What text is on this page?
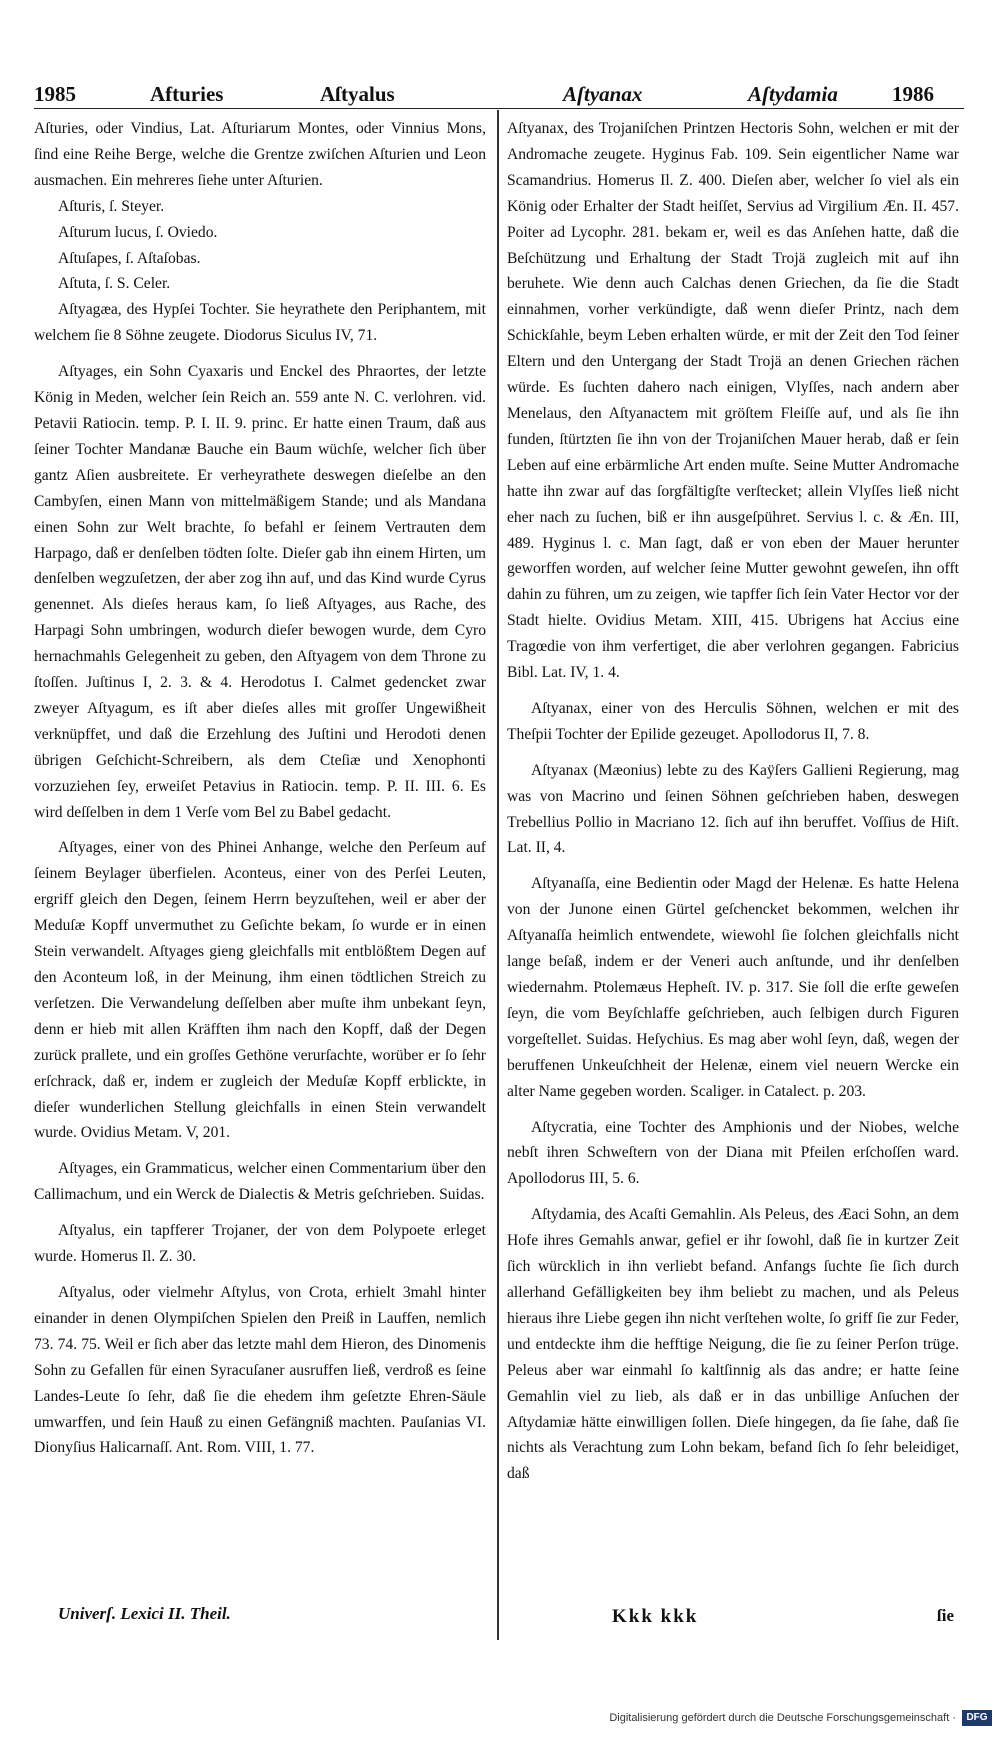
1985	Afturies	Aſtyalus	Aſtyanax	Aſtydamia	1986

Aſturies, oder Vindius, Lat. Aſturiarum Montes, oder Vinnius Mons, ſind eine Reihe Berge, welche die Grentze zwiſchen Aſturien und Leon ausmachen. Ein mehreres ſiehe unter Aſturien.

Aſturis, ſ. Steyer.

Aſturum lucus, ſ. Oviedo.

Aſtuſapes, ſ. Aſtaſobas.

Aſtuta, ſ. S. Celer.

Aſtyagæa, des Hypſei Tochter. Sie heyrathete den Periphantem, mit welchem ſie 8 Söhne zeugete. Diodorus Siculus IV, 71.

Aſtyages, ein Sohn Cyaxaris und Enckel des Phraortes, der letzte König in Meden, welcher ſein Reich an. 559 ante N. C. verlohren. vid. Petavii Ratiocin. temp. P. I. II. 9. princ. Er hatte einen Traum, daß aus ſeiner Tochter Mandanæ Bauche ein Baum wüchſe, welcher ſich über gantz Aſien ausbreitete. Er verheyrathete deswegen dieſelbe an den Cambyſen, einen Mann von mittelmäßigem Stande; und als Mandana einen Sohn zur Welt brachte, ſo befahl er ſeinem Vertrauten dem Harpago, daß er denſelben tödten ſolte. Dieſer gab ihn einem Hirten, um denſelben wegzuſetzen, der aber zog ihn auf, und das Kind wurde Cyrus genennet. Als dieſes heraus kam, ſo ließ Aſtyages, aus Rache, des Harpagi Sohn umbringen, wodurch dieſer bewogen wurde, dem Cyro hernachmahls Gelegenheit zu geben, den Aſtyagem von dem Throne zu ſtoſſen. Juſtinus I, 2. 3. & 4. Herodotus I. Calmet gedencket zwar zweyer Aſtyagum, es iſt aber dieſes alles mit groſſer Ungewißheit verknüpffet, und daß die Erzehlung des Juſtini und Herodoti denen übrigen Geſchicht-Schreibern, als dem Cteſiæ und Xenophonti vorzuziehen ſey, erweiſet Petavius in Ratiocin. temp. P. II. III. 6. Es wird deſſelben in dem 1 Verſe vom Bel zu Babel gedacht.

Aſtyages, einer von des Phinei Anhange, welche den Perſeum auf ſeinem Beylager überfielen. Aconteus, einer von des Perſei Leuten, ergriff gleich den Degen, ſeinem Herrn beyzuſtehen, weil er aber der Meduſæ Kopff unvermuthet zu Geſichte bekam, ſo wurde er in einen Stein verwandelt. Aſtyages gieng gleichfalls mit entblößtem Degen auf den Aconteum loß, in der Meinung, ihm einen tödtlichen Streich zu verſetzen. Die Verwandelung deſſelben aber muſte ihm unbekant ſeyn, denn er hieb mit allen Kräfften ihm nach den Kopff, daß der Degen zurück prallete, und ein groſſes Gethöne verurſachte, worüber er ſo ſehr erſchrack, daß er, indem er zugleich der Meduſæ Kopff erblickte, in dieſer wunderlichen Stellung gleichfalls in einen Stein verwandelt wurde. Ovidius Metam. V, 201.

Aſtyages, ein Grammaticus, welcher einen Commentarium über den Callimachum, und ein Werck de Dialectis & Metris geſchrieben. Suidas.

Aſtyalus, ein tapfferer Trojaner, der von dem Polypoete erleget wurde. Homerus Il. Z. 30.

Aſtyalus, oder vielmehr Aſtylus, von Crota, erhielt 3mahl hinter einander in denen Olympiſchen Spielen den Preiß in Lauffen, nemlich 73. 74. 75. Weil er ſich aber das letzte mahl dem Hieron, des Dinomenis Sohn zu Gefallen für einen Syracuſaner ausruffen ließ, verdroß es ſeine Landes-Leute ſo ſehr, daß ſie die ehedem ihm geſetzte Ehren-Säule umwarffen, und ſein Hauß zu einen Gefängniß machten. Pauſanias VI. Dionyſius Halicarnaſſ. Ant. Rom. VIII, 1. 77.

Aſtyanax, des Trojaniſchen Printzen Hectoris Sohn, welchen er mit der Andromache zeugete. Hyginus Fab. 109. Sein eigentlicher Name war Scamandrius. Homerus Il. Z. 400. Dieſen aber, welcher ſo viel als ein König oder Erhalter der Stadt heiſſet, Servius ad Virgilium Æn. II. 457. Poiter ad Lycophr. 281. bekam er, weil es das Anſehen hatte, daß die Beſchützung und Erhaltung der Stadt Trojä zugleich mit auf ihn beruhete. Wie denn auch Calchas denen Griechen, da ſie die Stadt einnahmen, vorher verkündigte, daß wenn dieſer Printz, nach dem Schickſahle, beym Leben erhalten würde, er mit der Zeit den Tod ſeiner Eltern und den Untergang der Stadt Trojä an denen Griechen rächen würde. Es ſuchten dahero nach einigen, Vlyſſes, nach andern aber Menelaus, den Aſtyanactem mit gröſtem Fleiſſe auf, und als ſie ihn funden, ſtürtzten ſie ihn von der Trojaniſchen Mauer herab, daß er ſein Leben auf eine erbärmliche Art enden muſte. Seine Mutter Andromache hatte ihn zwar auf das ſorgfältigſte verſtecket; allein Vlyſſes ließ nicht eher nach zu ſuchen, biß er ihn ausgeſpühret. Servius l. c. & Æn. III, 489. Hyginus l. c. Man ſagt, daß er von eben der Mauer herunter geworffen worden, auf welcher ſeine Mutter gewohnt geweſen, ihn offt dahin zu führen, um zu zeigen, wie tapffer ſich ſein Vater Hector vor der Stadt hielte. Ovidius Metam. XIII, 415. Ubrigens hat Accius eine Tragœdie von ihm verfertiget, die aber verlohren gegangen. Fabricius Bibl. Lat. IV, 1. 4.

Aſtyanax, einer von des Herculis Söhnen, welchen er mit des Theſpii Tochter der Epilide gezeuget. Apollodorus II, 7. 8.

Aſtyanax (Mæonius) lebte zu des Kaÿſers Gallieni Regierung, mag was von Macrino und ſeinen Söhnen geſchrieben haben, deswegen Trebellius Pollio in Macriano 12. ſich auf ihn beruffet. Voſſius de Hiſt. Lat. II, 4.

Aſtyanaſſa, eine Bedientin oder Magd der Helenæ. Es hatte Helena von der Junone einen Gürtel geſchencket bekommen, welchen ihr Aſtyanaſſa heimlich entwendete, wiewohl ſie ſolchen gleichfalls nicht lange beſaß, indem er der Veneri auch anſtunde, und ihr denſelben wiedernahm. Ptolemæus Hepheſt. IV. p. 317. Sie ſoll die erſte geweſen ſeyn, die vom Beyſchlaffe geſchrieben, auch ſelbigen durch Figuren vorgeſtellet. Suidas. Heſychius. Es mag aber wohl ſeyn, daß, wegen der beruffenen Unkeuſchheit der Helenæ, einem viel neuern Wercke ein alter Name gegeben worden. Scaliger. in Catalect. p. 203.

Aſtycratia, eine Tochter des Amphionis und der Niobes, welche nebſt ihren Schweſtern von der Diana mit Pfeilen erſchoſſen ward. Apollodorus III, 5. 6.

Aſtydamia, des Acaſti Gemahlin. Als Peleus, des Æaci Sohn, an dem Hofe ihres Gemahls anwar, gefiel er ihr ſowohl, daß ſie in kurtzer Zeit ſich würcklich in ihn verliebt befand. Anfangs ſuchte ſie ſich durch allerhand Gefälligkeiten bey ihm beliebt zu machen, und als Peleus hieraus ihre Liebe gegen ihn nicht verſtehen wolte, ſo griff ſie zur Feder, und entdeckte ihm die hefftige Neigung, die ſie zu ſeiner Perſon trüge. Peleus aber war einmahl ſo kaltſinnig als das andre; er hatte ſeine Gemahlin viel zu lieb, als daß er in das unbillige Anſuchen der Aſtydamiæ hätte einwilligen ſollen. Dieſe hingegen, da ſie ſahe, daß ſie nichts als Verachtung zum Lohn bekam, befand ſich ſo ſehr beleidiget, daß

Univerſ. Lexici II. Theil.	Kkk kkk	ſie
Digitalisierung gefördert durch die Deutsche Forschungsgemeinschaft ·	DFG
